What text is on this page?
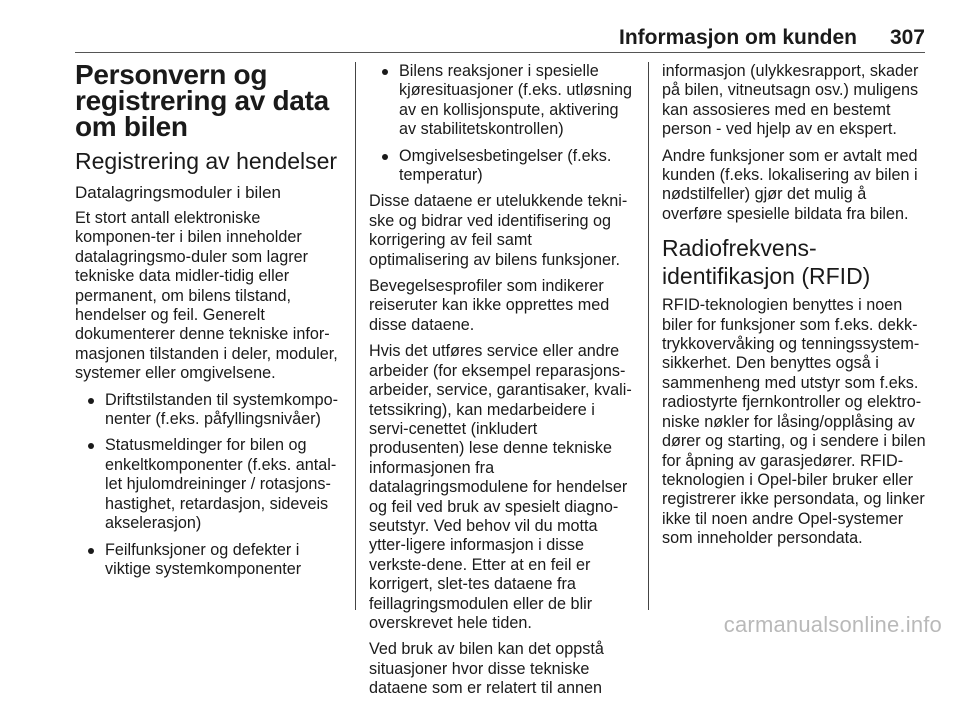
Informasjon om kunden 307
Personvern og registrering av data om bilen
Registrering av hendelser
Datalagringsmoduler i bilen

Et stort antall elektroniske komponen-ter i bilen inneholder datalagringsmo-duler som lagrer tekniske data midler-tidig eller permanent, om bilens tilstand, hendelser og feil. Generelt dokumenterer denne tekniske infor-masjonen tilstanden i deler, moduler, systemer eller omgivelsene.

Driftstilstanden til systemkompo-nenter (f.eks. påfyllingsnivåer)
Statusmeldinger for bilen og enkeltkomponenter (f.eks. antal-let hjulomdreininger / rotasjons-hastighet, retardasjon, sideveis akselerasjon)
Feilfunksjoner og defekter i viktige systemkomponenter
Bilens reaksjoner i spesielle kjøresituasjoner (f.eks. utløsning av en kollisjonspute, aktivering av stabilitetskontrollen)
Omgivelsesbetingelser (f.eks. temperatur)

Disse dataene er utelukkende tekni-ske og bidrar ved identifisering og korrigering av feil samt optimalisering av bilens funksjoner.

Bevegelsesprofiler som indikerer reiseruter kan ikke opprettes med disse dataene.

Hvis det utføres service eller andre arbeider (for eksempel reparasjons-arbeider, service, garantisaker, kvali-tetssikring), kan medarbeidere i servi-cenettet (inkludert produsenten) lese denne tekniske informasjonen fra datalagringsmodulene for hendelser og feil ved bruk av spesielt diagno-seutstyr. Ved behov vil du motta ytter-ligere informasjon i disse verkste-dene. Etter at en feil er korrigert, slet-tes dataene fra feillagringsmodulen eller de blir overskrevet hele tiden.

Ved bruk av bilen kan det oppstå situasjoner hvor disse tekniske dataene som er relatert til annen

informasjon (ulykkesrapport, skader på bilen, vitneutsagn osv.) muligens kan assosieres med en bestemt person - ved hjelp av en ekspert.

Andre funksjoner som er avtalt med kunden (f.eks. lokalisering av bilen i nødstilfeller) gjør det mulig å overføre spesielle bildata fra bilen.

Radiofrekvens-identifikasjon (RFID)

RFID-teknologien benyttes i noen biler for funksjoner som f.eks. dekk-trykkovervåking og tenningssystem-sikkerhet. Den benyttes også i sammenheng med utstyr som f.eks. radiostyrte fjernkontroller og elektro-niske nøkler for låsing/opplåsing av dører og starting, og i sendere i bilen for åpning av garasjedører. RFID-teknologien i Opel-biler bruker eller registrerer ikke persondata, og linker ikke til noen andre Opel-systemer som inneholder persondata.

carmanualsonline.info
